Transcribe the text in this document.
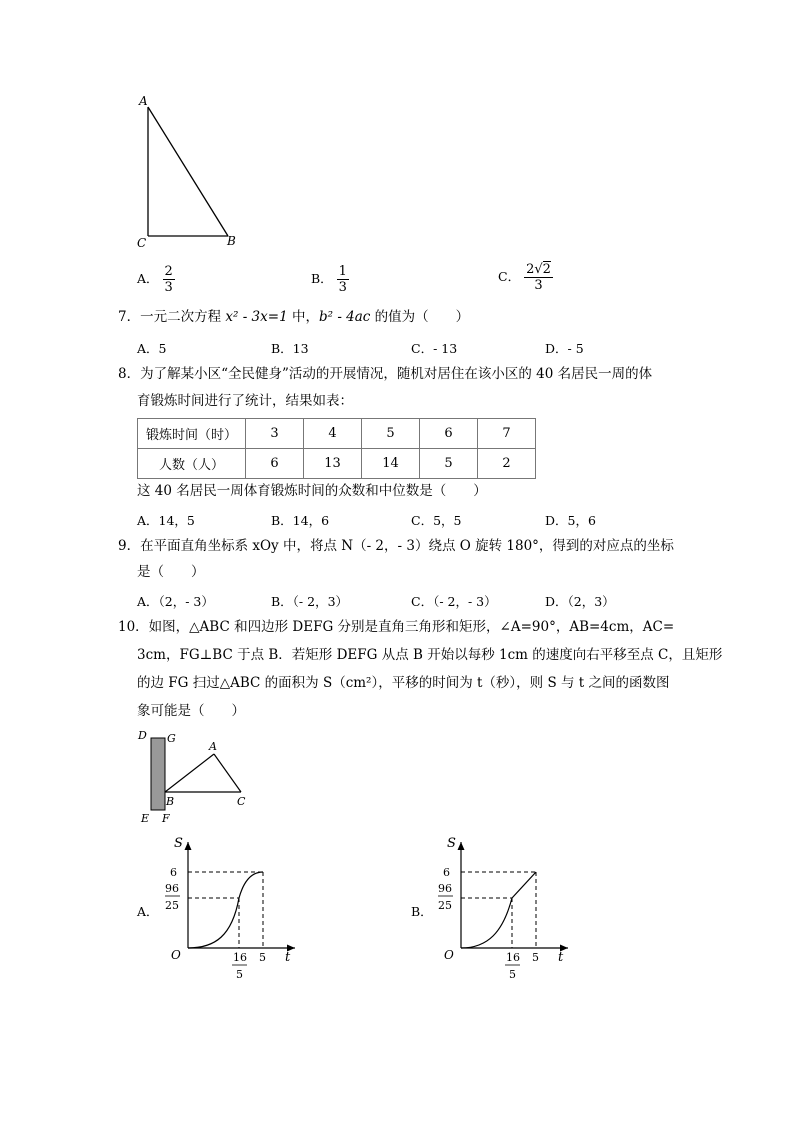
A
C	B
A． $\frac{2}{3}$	B． $\frac{1}{3}$	C． $\frac{2√2}{3}$
7．一元二次方程 x² - 3x=1 中，b² - 4ac 的值为（　　）
A．5	B．13	C．- 13	D．- 5
8．为了解某小区“全民健身”活动的开展情况，随机对居住在该小区的 40 名居民一周的体
育锻炼时间进行了统计，结果如表：
锻炼时间（时）	3	4	5	6	7
人数（人）	6	13	14	5	2
这 40 名居民一周体育锻炼时间的众数和中位数是（　　）
A．14，5	B．14，6	C．5，5	D．5，6
9．在平面直角坐标系 xOy 中，将点 N（- 2，- 3）绕点 O 旋转 180°，得到的对应点的坐标
是（　　）
A．（2，- 3）	B．（- 2，3）	C．（- 2，- 3）	D．（2，3）
10．如图，△ABC 和四边形 DEFG 分别是直角三角形和矩形，∠A=90°，AB=4cm，AC=
3cm，FG⊥BC 于点 B．若矩形 DEFG 从点 B 开始以每秒 1cm 的速度向右平移至点 C，且矩形
的边 FG 扫过△ABC 的面积为 S（cm²），平移的时间为 t（秒），则 S 与 t 之间的函数图
象可能是（　　）
D G
A
B	C
E F
A．
S
O	t
6
96
25
16
5
5
B．
S
O	t
6
96
25
16
5
5
